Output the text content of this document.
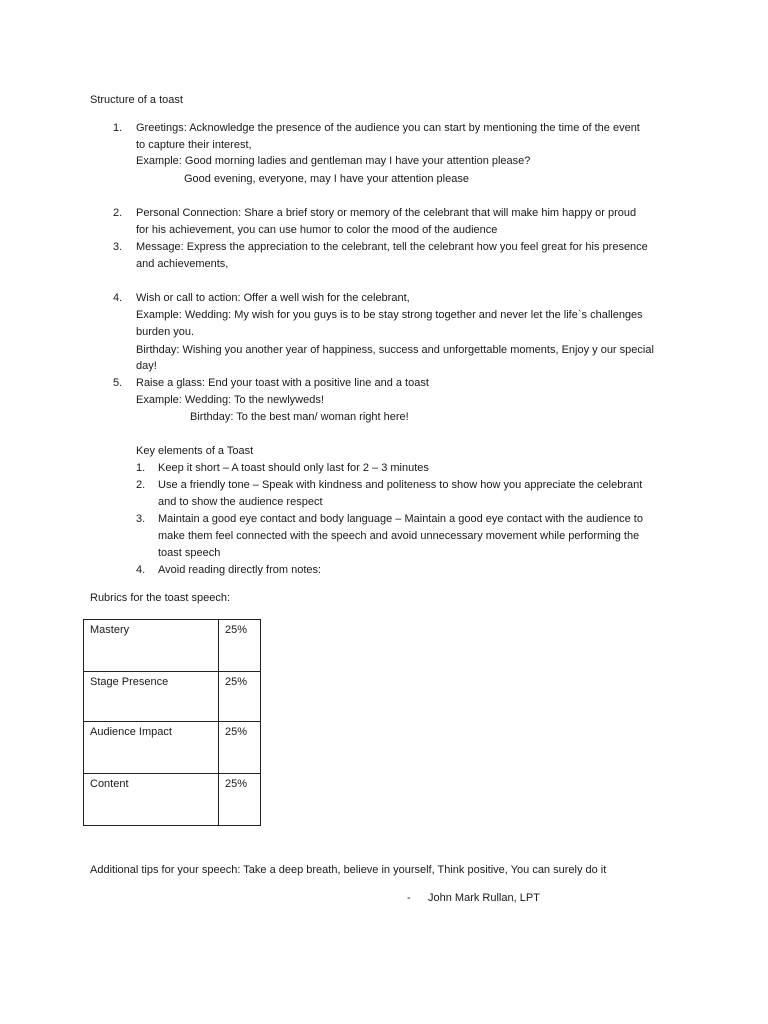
Structure of a toast
1. Greetings: Acknowledge the presence of the audience you can start by mentioning the time of the event
to capture their interest,
Example: Good morning ladies and gentleman may I have your attention please?
Good evening, everyone, may I have your attention please
2. Personal Connection: Share a brief story or memory of the celebrant that will make him happy or proud
for his achievement, you can use humor to color the mood of the audience
3. Message: Express the appreciation to the celebrant, tell the celebrant how you feel great for his presence
and achievements,
4. Wish or call to action: Offer a well wish for the celebrant,
Example: Wedding: My wish for you guys is to be stay strong together and never let the life`s challenges
burden you.
Birthday: Wishing you another year of happiness, success and unforgettable moments, Enjoy y our special
day!
5. Raise a glass: End your toast with a positive line and a toast
Example: Wedding: To the newlyweds!
Birthday: To the best man/ woman right here!
Key elements of a Toast
1. Keep it short – A toast should only last for 2 – 3 minutes
2. Use a friendly tone – Speak with kindness and politeness to show how you appreciate the celebrant
and to show the audience respect
3. Maintain a good eye contact and body language – Maintain a good eye contact with the audience to
make them feel connected with the speech and avoid unnecessary movement while performing the
toast speech
4. Avoid reading directly from notes:
Rubrics for the toast speech:
Mastery	25%
Stage Presence	25%
Audience Impact	25%
Content	25%
Additional tips for your speech: Take a deep breath, believe in yourself, Think positive, You can surely do it
- John Mark Rullan, LPT
